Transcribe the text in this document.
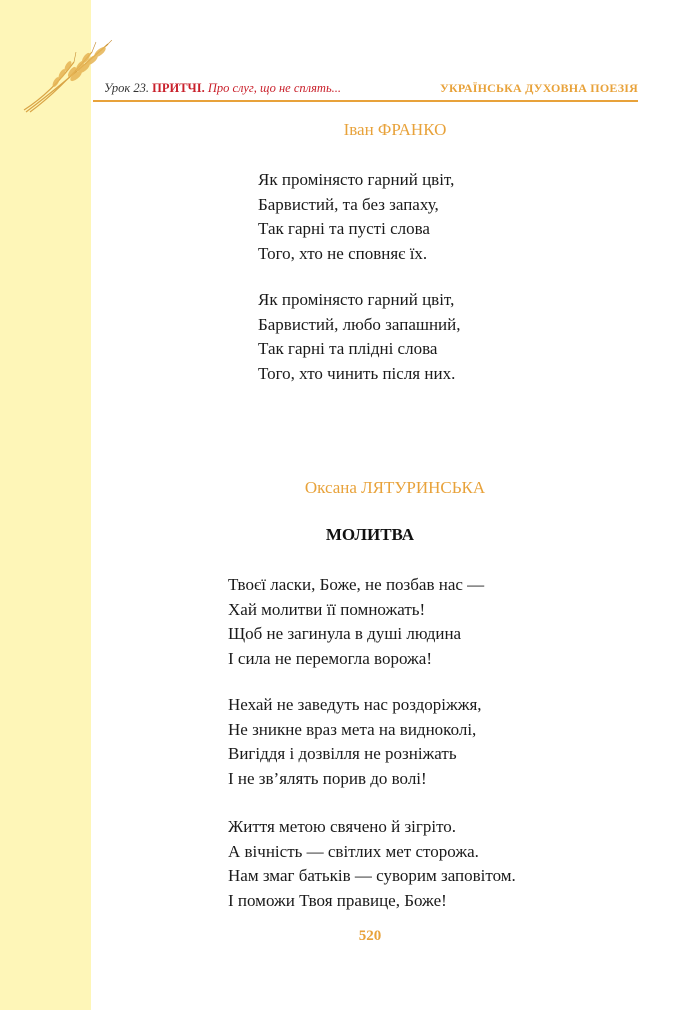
Урок 23. ПРИТЧІ. Про слуг, що не сплять...	УКРАЇНСЬКА ДУХОВНА ПОЕЗІЯ
Іван ФРАНКО
Як промінясто гарний цвіт,
Барвистий, та без запаху,
Так гарні та пусті слова
Того, хто не сповняє їх.
Як промінясто гарний цвіт,
Барвистий, любо запашний,
Так гарні та плідні слова
Того, хто чинить після них.
Оксана ЛЯТУРИНСЬКА
МОЛИТВА
Твоєї ласки, Боже, не позбав нас —
Хай молитви її помножать!
Щоб не загинула в душі людина
І сила не перемогла ворожа!
Нехай не заведуть нас роздоріжжя,
Не зникне враз мета на видноколі,
Вигiддя і дозвілля не розніжать
І не зв’ялять порив до волі!
Життя метою свячено й зігріто.
А вічність — світлих мет сторожа.
Нам змаг батьків — суворим заповітом.
І поможи Твоя правице, Боже!
520
